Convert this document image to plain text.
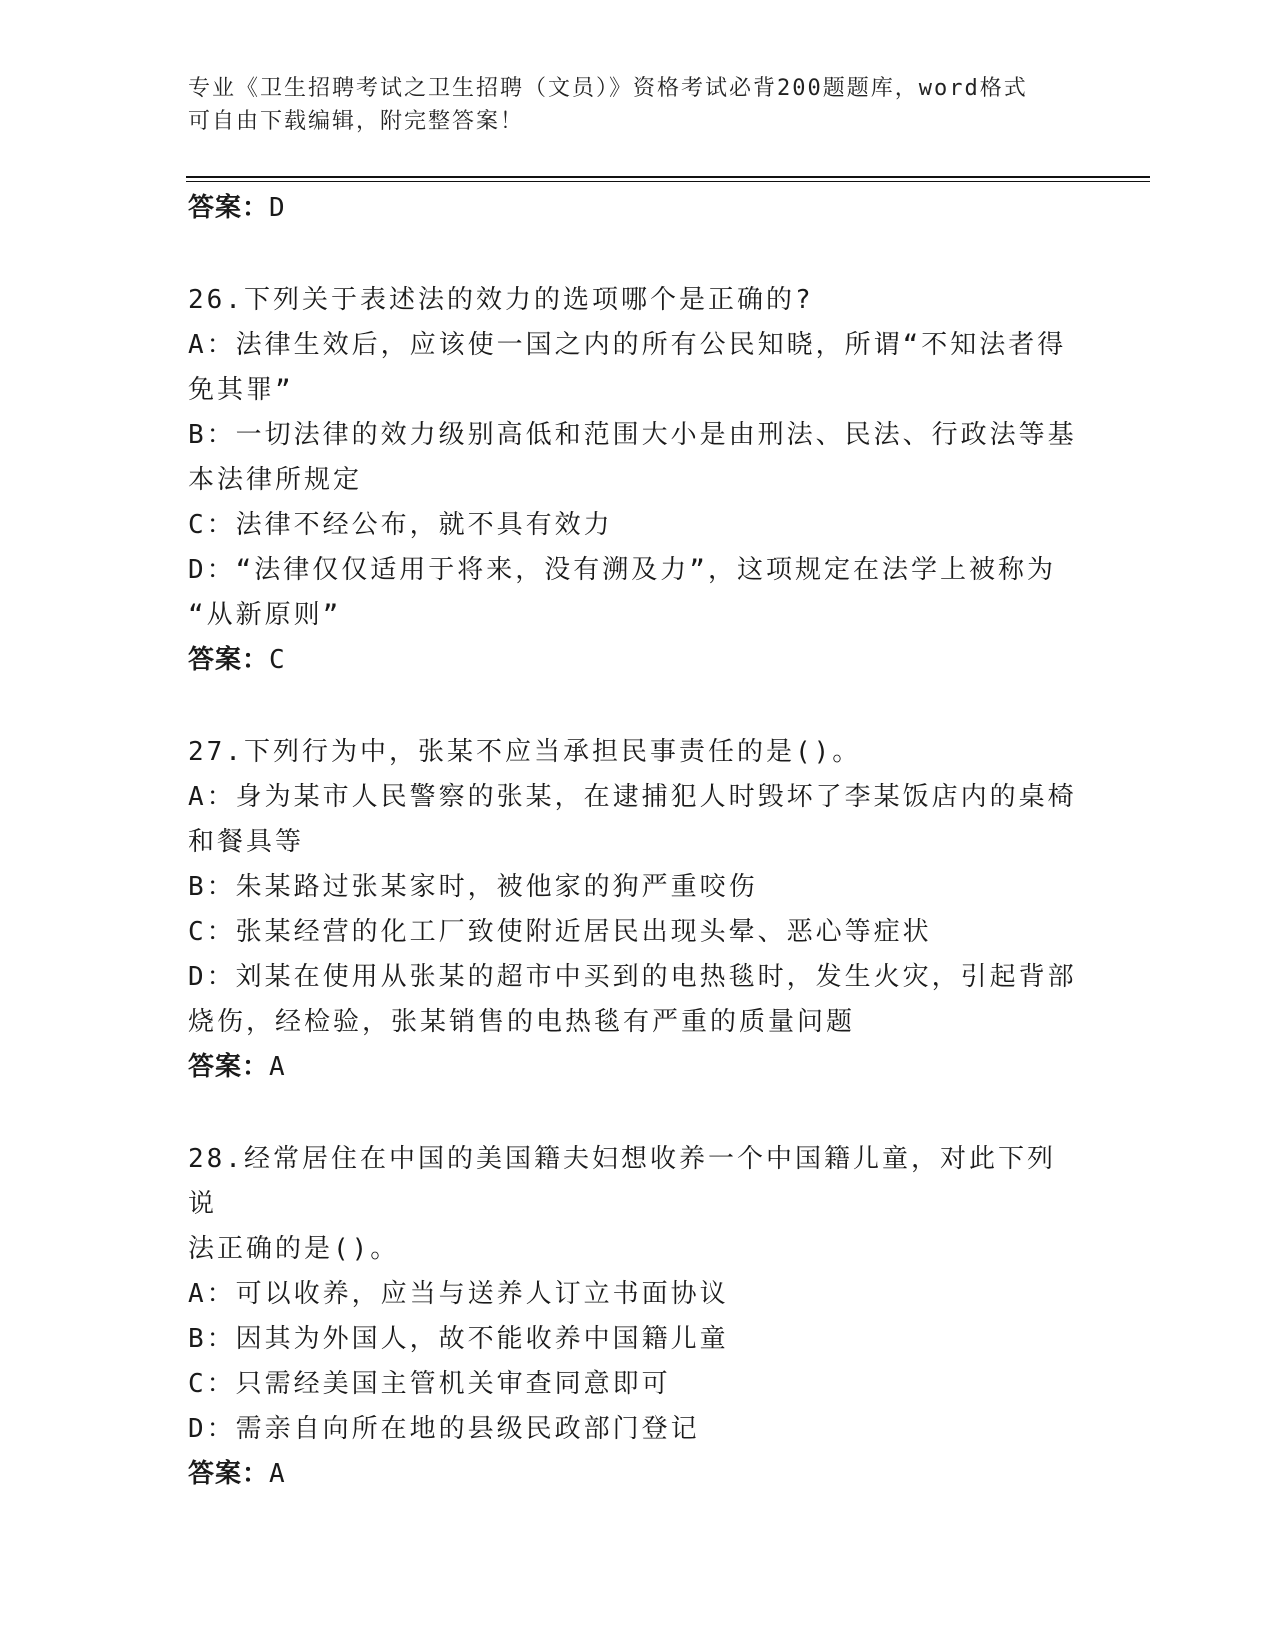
专业《卫生招聘考试之卫生招聘（文员）》资格考试必背200题题库，word格式
可自由下载编辑，附完整答案！

答案：D

26.下列关于表述法的效力的选项哪个是正确的?

A：法律生效后，应该使一国之内的所有公民知晓，所谓“不知法者得

免其罪”

B：一切法律的效力级别高低和范围大小是由刑法、民法、行政法等基

本法律所规定

C：法律不经公布，就不具有效力

D：“法律仅仅适用于将来，没有溯及力”，这项规定在法学上被称为

“从新原则”

答案：C

27.下列行为中，张某不应当承担民事责任的是()。

A：身为某市人民警察的张某，在逮捕犯人时毁坏了李某饭店内的桌椅

和餐具等

B：朱某路过张某家时，被他家的狗严重咬伤

C：张某经营的化工厂致使附近居民出现头晕、恶心等症状

D：刘某在使用从张某的超市中买到的电热毯时，发生火灾，引起背部

烧伤，经检验，张某销售的电热毯有严重的质量问题

答案：A

28.经常居住在中国的美国籍夫妇想收养一个中国籍儿童，对此下列说

法正确的是()。

A：可以收养，应当与送养人订立书面协议

B：因其为外国人，故不能收养中国籍儿童

C：只需经美国主管机关审查同意即可

D：需亲自向所在地的县级民政部门登记

答案：A
